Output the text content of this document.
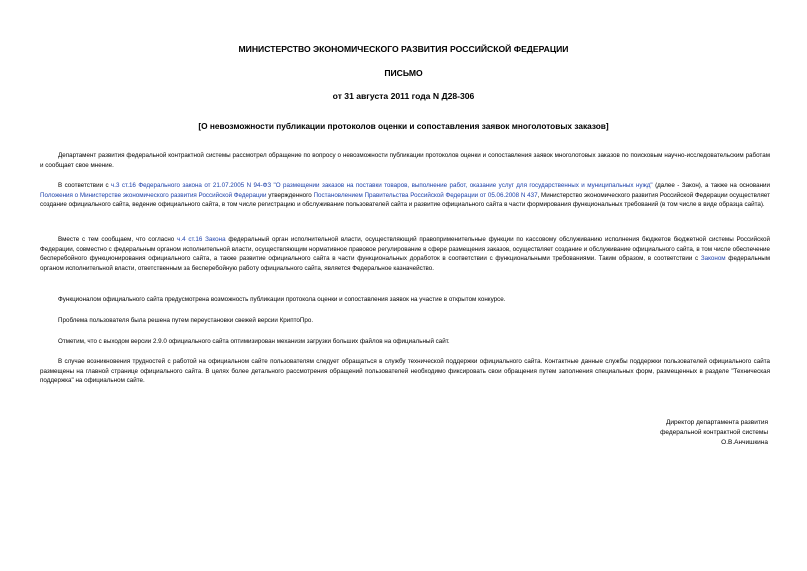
МИНИСТЕРСТВО ЭКОНОМИЧЕСКОГО РАЗВИТИЯ РОССИЙСКОЙ ФЕДЕРАЦИИ
ПИСЬМО
от 31 августа 2011 года N Д28-306
[О невозможности публикации протоколов оценки и сопоставления заявок многолотовых заказов]
Департамент развития федеральной контрактной системы рассмотрел обращение по вопросу о невозможности публикации протоколов оценки и сопоставления заявок многолотовых заказов по поисковым научно-исследовательским работам и сообщает свое мнение.
В соответствии с ч.3 ст.16 Федерального закона от 21.07.2005 N 94-ФЗ "О размещении заказов на поставки товаров, выполнение работ, оказание услуг для государственных и муниципальных нужд" (далее - Закон), а также на основании Положения о Министерстве экономического развития Российской Федерации утвержденного Постановлением Правительства Российской Федерации от 05.06.2008 N 437, Министерство экономического развития Российской Федерации осуществляет создание официального сайта, ведение официального сайта, в том числе регистрацию и обслуживание пользователей сайта и развитие официального сайта в части формирования функциональных требований (в том числе в виде образца сайта).
Вместе с тем сообщаем, что согласно ч.4 ст.16 Закона федеральный орган исполнительной власти, осуществляющий правоприменительные функции по кассовому обслуживанию исполнения бюджетов бюджетной системы Российской Федерации, совместно с федеральным органом исполнительной власти, осуществляющим нормативное правовое регулирование в сфере размещения заказов, осуществляет создание и обслуживание официального сайта, в том числе обеспечение бесперебойного функционирования официального сайта, а также развитие официального сайта в части функциональных доработок в соответствии с функциональными требованиями. Таким образом, в соответствии с Законом федеральным органом исполнительной власти, ответственным за бесперебойную работу официального сайта, является Федеральное казначейство.
Функционалом официального сайта предусмотрена возможность публикации протокола оценки и сопоставления заявок на участие в открытом конкурсе.
Проблема пользователя была решена путем переустановки свежей версии КриптоПро.
Отметим, что с выходом версии 2.9.0 официального сайта оптимизирован механизм загрузки больших файлов на официальный сайт.
В случае возникновения трудностей с работой на официальном сайте пользователям следует обращаться в службу технической поддержки официального сайта. Контактные данные службы поддержки пользователей официального сайта размещены на главной странице официального сайта. В целях более детального рассмотрения обращений пользователей необходимо фиксировать свои обращения путем заполнения специальных форм, размещенных в разделе "Техническая поддержка" на официальном сайте.
Директор департамента развития
федеральной контрактной системы
О.В.Анчишкина
